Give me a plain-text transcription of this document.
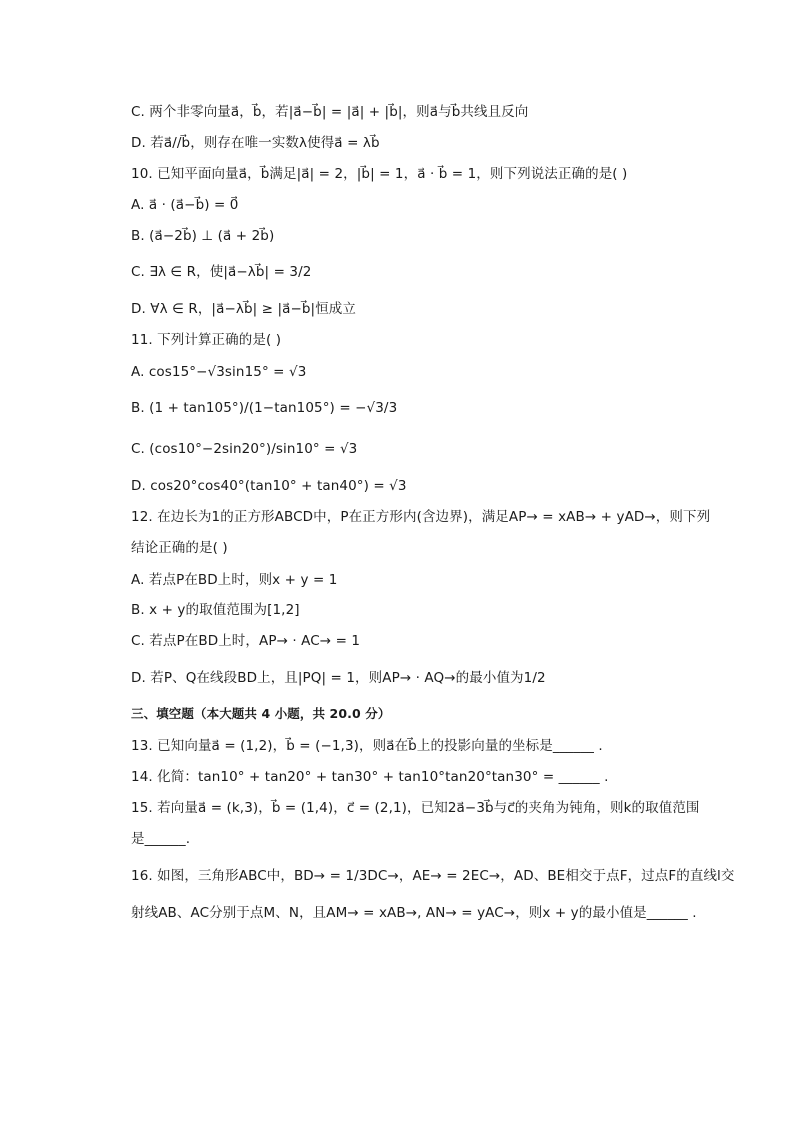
C. 两个非零向量a⃗，b⃗，若|a⃗−b⃗| = |a⃗| + |b⃗|，则a⃗与b⃗共线且反向
D. 若a⃗//b⃗，则存在唯一实数λ使得a⃗ = λb⃗
10. 已知平面向量a⃗，b⃗满足|a⃗| = 2，|b⃗| = 1，a⃗ · b⃗ = 1，则下列说法正确的是( )
A. a⃗ · (a⃗−b⃗) = 0⃗
B. (a⃗−2b⃗) ⊥ (a⃗ + 2b⃗)
C. ∃λ ∈ R，使|a⃗−λb⃗| = 3/2
D. ∀λ ∈ R，|a⃗−λb⃗| ≥ |a⃗−b⃗|恒成立
11. 下列计算正确的是( )
A. cos15°−√3sin15° = √3
B. (1 + tan105°)/(1−tan105°) = −√3/3
C. (cos10°−2sin20°)/sin10° = √3
D. cos20°cos40°(tan10° + tan40°) = √3
12. 在边长为1的正方形ABCD中，P在正方形内(含边界)，满足AP→ = xAB→ + yAD→，则下列
结论正确的是( )
A. 若点P在BD上时，则x + y = 1
B. x + y的取值范围为[1,2]
C. 若点P在BD上时，AP→ · AC→ = 1
D. 若P、Q在线段BD上，且|PQ| = 1，则AP→ · AQ→的最小值为1/2
三、填空题（本大题共 4 小题，共 20.0 分）
13. 已知向量a⃗ = (1,2)，b⃗ = (−1,3)，则a⃗在b⃗上的投影向量的坐标是______ .
14. 化简：tan10° + tan20° + tan30° + tan10°tan20°tan30° = ______ .
15. 若向量a⃗ = (k,3)，b⃗ = (1,4)，c⃗ = (2,1)，已知2a⃗−3b⃗与c⃗的夹角为钝角，则k的取值范围
是______.
16. 如图，三角形ABC中，BD→ = 1/3DC→，AE→ = 2EC→，AD、BE相交于点F，过点F的直线l交
射线AB、AC分别于点M、N，且AM→ = xAB→, AN→ = yAC→，则x + y的最小值是______ .
